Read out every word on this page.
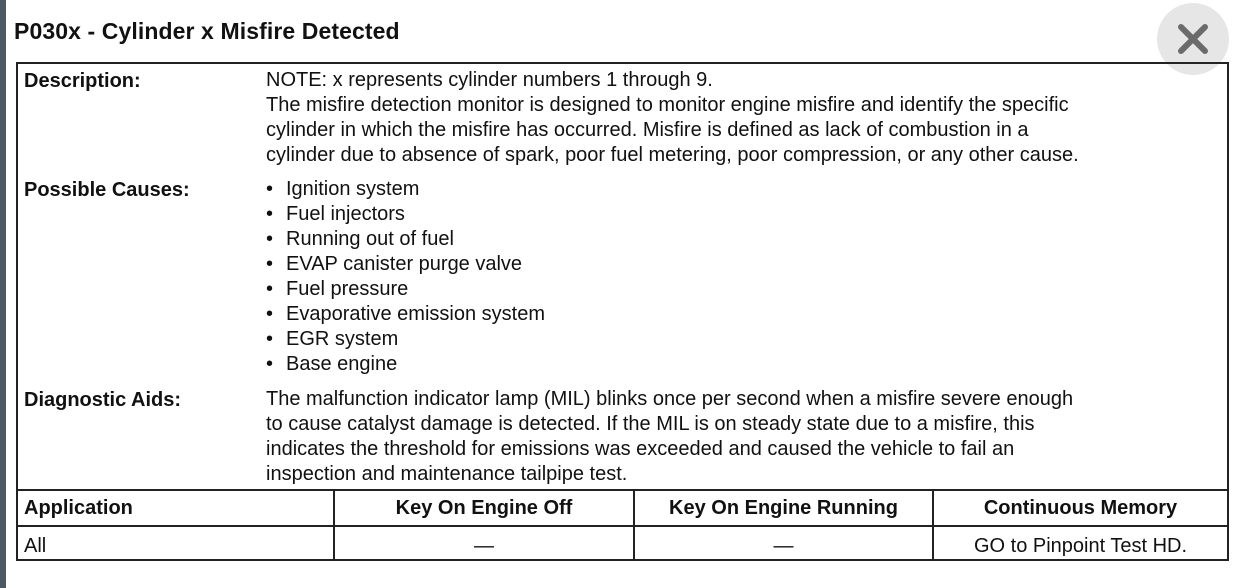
P030x - Cylinder x Misfire Detected
Description:	NOTE: x represents cylinder numbers 1 through 9.
The misfire detection monitor is designed to monitor engine misfire and identify the specific
cylinder in which the misfire has occurred. Misfire is defined as lack of combustion in a
cylinder due to absence of spark, poor fuel metering, poor compression, or any other cause.
Possible Causes:
•	Ignition system
• Fuel injectors
• Running out of fuel
• EVAP canister purge valve
• Fuel pressure
• Evaporative emission system
• EGR system
• Base engine
Diagnostic Aids:	The malfunction indicator lamp (MIL) blinks once per second when a misfire severe enough
to cause catalyst damage is detected. If the MIL is on steady state due to a misfire, this
indicates the threshold for emissions was exceeded and caused the vehicle to fail an
inspection and maintenance tailpipe test.
Application	Key On Engine Off	Key On Engine Running	Continuous Memory
All	—	—	GO to Pinpoint Test HD.
